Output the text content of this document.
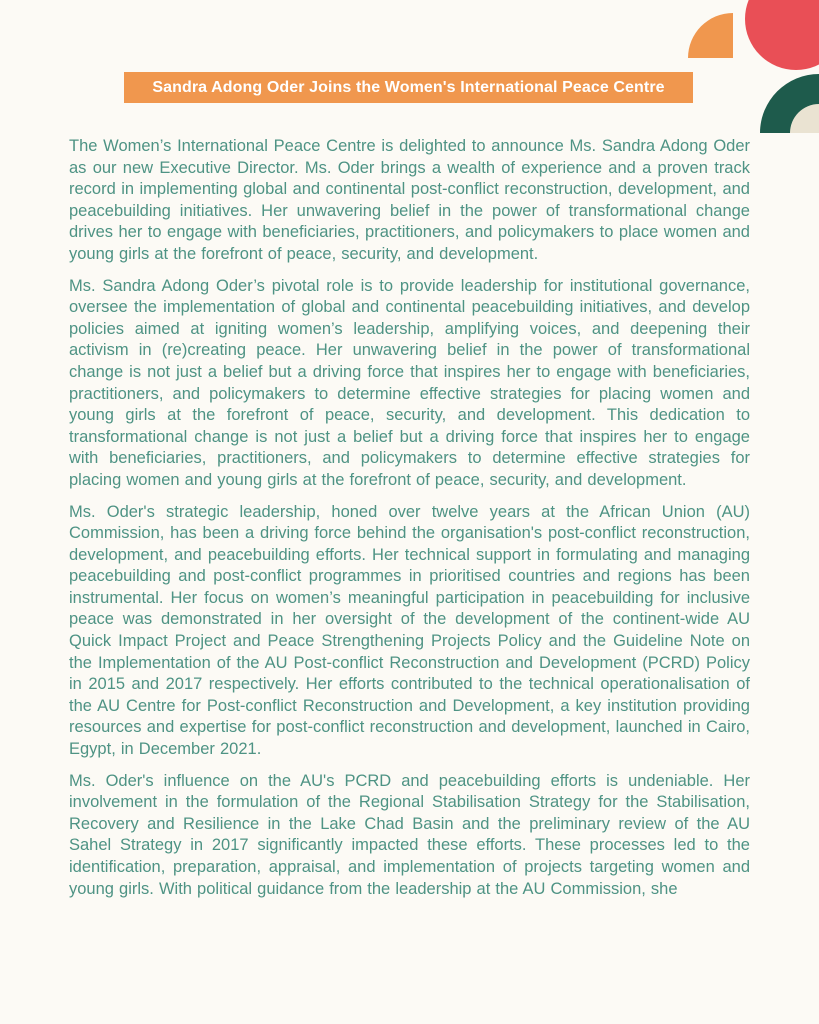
Sandra Adong Oder Joins the Women's International Peace Centre

The Women’s International Peace Centre is delighted to announce Ms. Sandra Adong Oder as our new Executive Director. Ms. Oder brings a wealth of experience and a proven track record in implementing global and continental post-conflict reconstruction, development, and peacebuilding initiatives. Her unwavering belief in the power of transformational change drives her to engage with beneficiaries, practitioners, and policymakers to place women and young girls at the forefront of peace, security, and development.

Ms. Sandra Adong Oder’s pivotal role is to provide leadership for institutional governance, oversee the implementation of global and continental peacebuilding initiatives, and develop policies aimed at igniting women’s leadership, amplifying voices, and deepening their activism in (re)creating peace. Her unwavering belief in the power of transformational change is not just a belief but a driving force that inspires her to engage with beneficiaries, practitioners, and policymakers to determine effective strategies for placing women and young girls at the forefront of peace, security, and development. This dedication to transformational change is not just a belief but a driving force that inspires her to engage with beneficiaries, practitioners, and policymakers to determine effective strategies for placing women and young girls at the forefront of peace, security, and development.

Ms. Oder's strategic leadership, honed over twelve years at the African Union (AU) Commission, has been a driving force behind the organisation's post-conflict reconstruction, development, and peacebuilding efforts. Her technical support in formulating and managing peacebuilding and post-conflict programmes in prioritised countries and regions has been instrumental. Her focus on women’s meaningful participation in peacebuilding for inclusive peace was demonstrated in her oversight of the development of the continent-wide AU Quick Impact Project and Peace Strengthening Projects Policy and the Guideline Note on the Implementation of the AU Post-conflict Reconstruction and Development (PCRD) Policy in 2015 and 2017 respectively. Her efforts contributed to the technical operationalisation of the AU Centre for Post-conflict Reconstruction and Development, a key institution providing resources and expertise for post-conflict reconstruction and development, launched in Cairo, Egypt, in December 2021.

Ms. Oder's influence on the AU's PCRD and peacebuilding efforts is undeniable. Her involvement in the formulation of the Regional Stabilisation Strategy for the Stabilisation, Recovery and Resilience in the Lake Chad Basin and the preliminary review of the AU Sahel Strategy in 2017 significantly impacted these efforts. These processes led to the identification, preparation, appraisal, and implementation of projects targeting women and young girls. With political guidance from the leadership at the AU Commission, she
